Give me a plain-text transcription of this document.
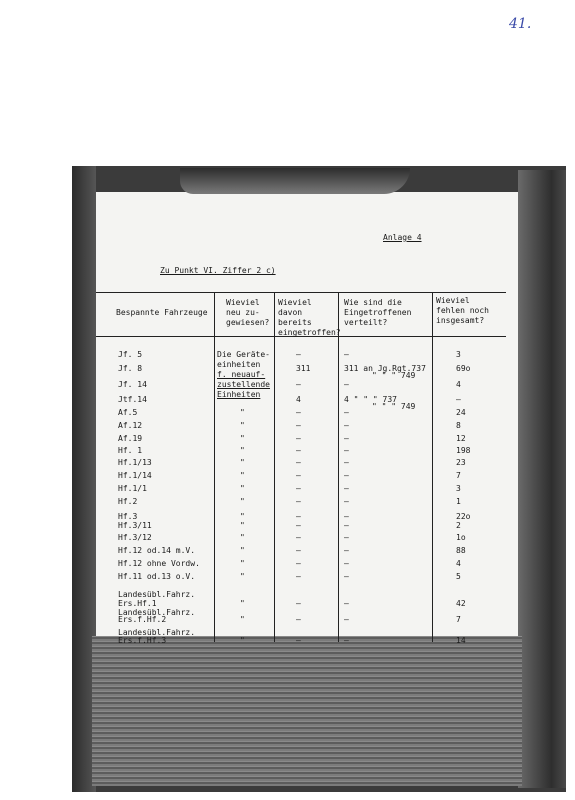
41.
Anlage 4
Zu Punkt VI. Ziffer 2 c)
Bespannte Fahrzeuge
Wieviel
neu zu-
gewiesen?
Wieviel
davon
bereits
eingetroffen?
Wie sind die
Eingetroffenen
verteilt?
Wieviel
fehlen noch
insgesamt?
Die Geräte-
einheiten
f. neuauf-
zustellende
Einheiten
Jf. 5	–	–	3
Jf. 8	311	311 an Jg.Rgt.737	69o
" " " 749
Jf. 14	–	–	4
Jtf.14	4	4 " " " 737	–
" " " 749
Af.5	"	–	–	24
Af.12	"	–	–	8
Af.19	"	–	–	12
Hf. 1	"	–	–	198
Hf.1/13	"	–	–	23
Hf.1/14	"	–	–	7
Hf.1/1	"	–	–	3
Hf.2	"	–	–	1
Hf.3	"	–	–	22o
Hf.3/11	"	–	–	2
Hf.3/12	"	–	–	1o
Hf.12 od.14 m.V.	"	–	–	88
Hf.12 ohne Vordw.	"	–	–	4
Hf.11 od.13 o.V.	"	–	–	5
Landesübl.Fahrz.
Ers.Hf.1	"	–	–	42
Landesübl.Fahrz.
Ers.f.Hf.2	"	–	–	7
Landesübl.Fahrz.
Ers.f.Hf.3	"	–	–	14
